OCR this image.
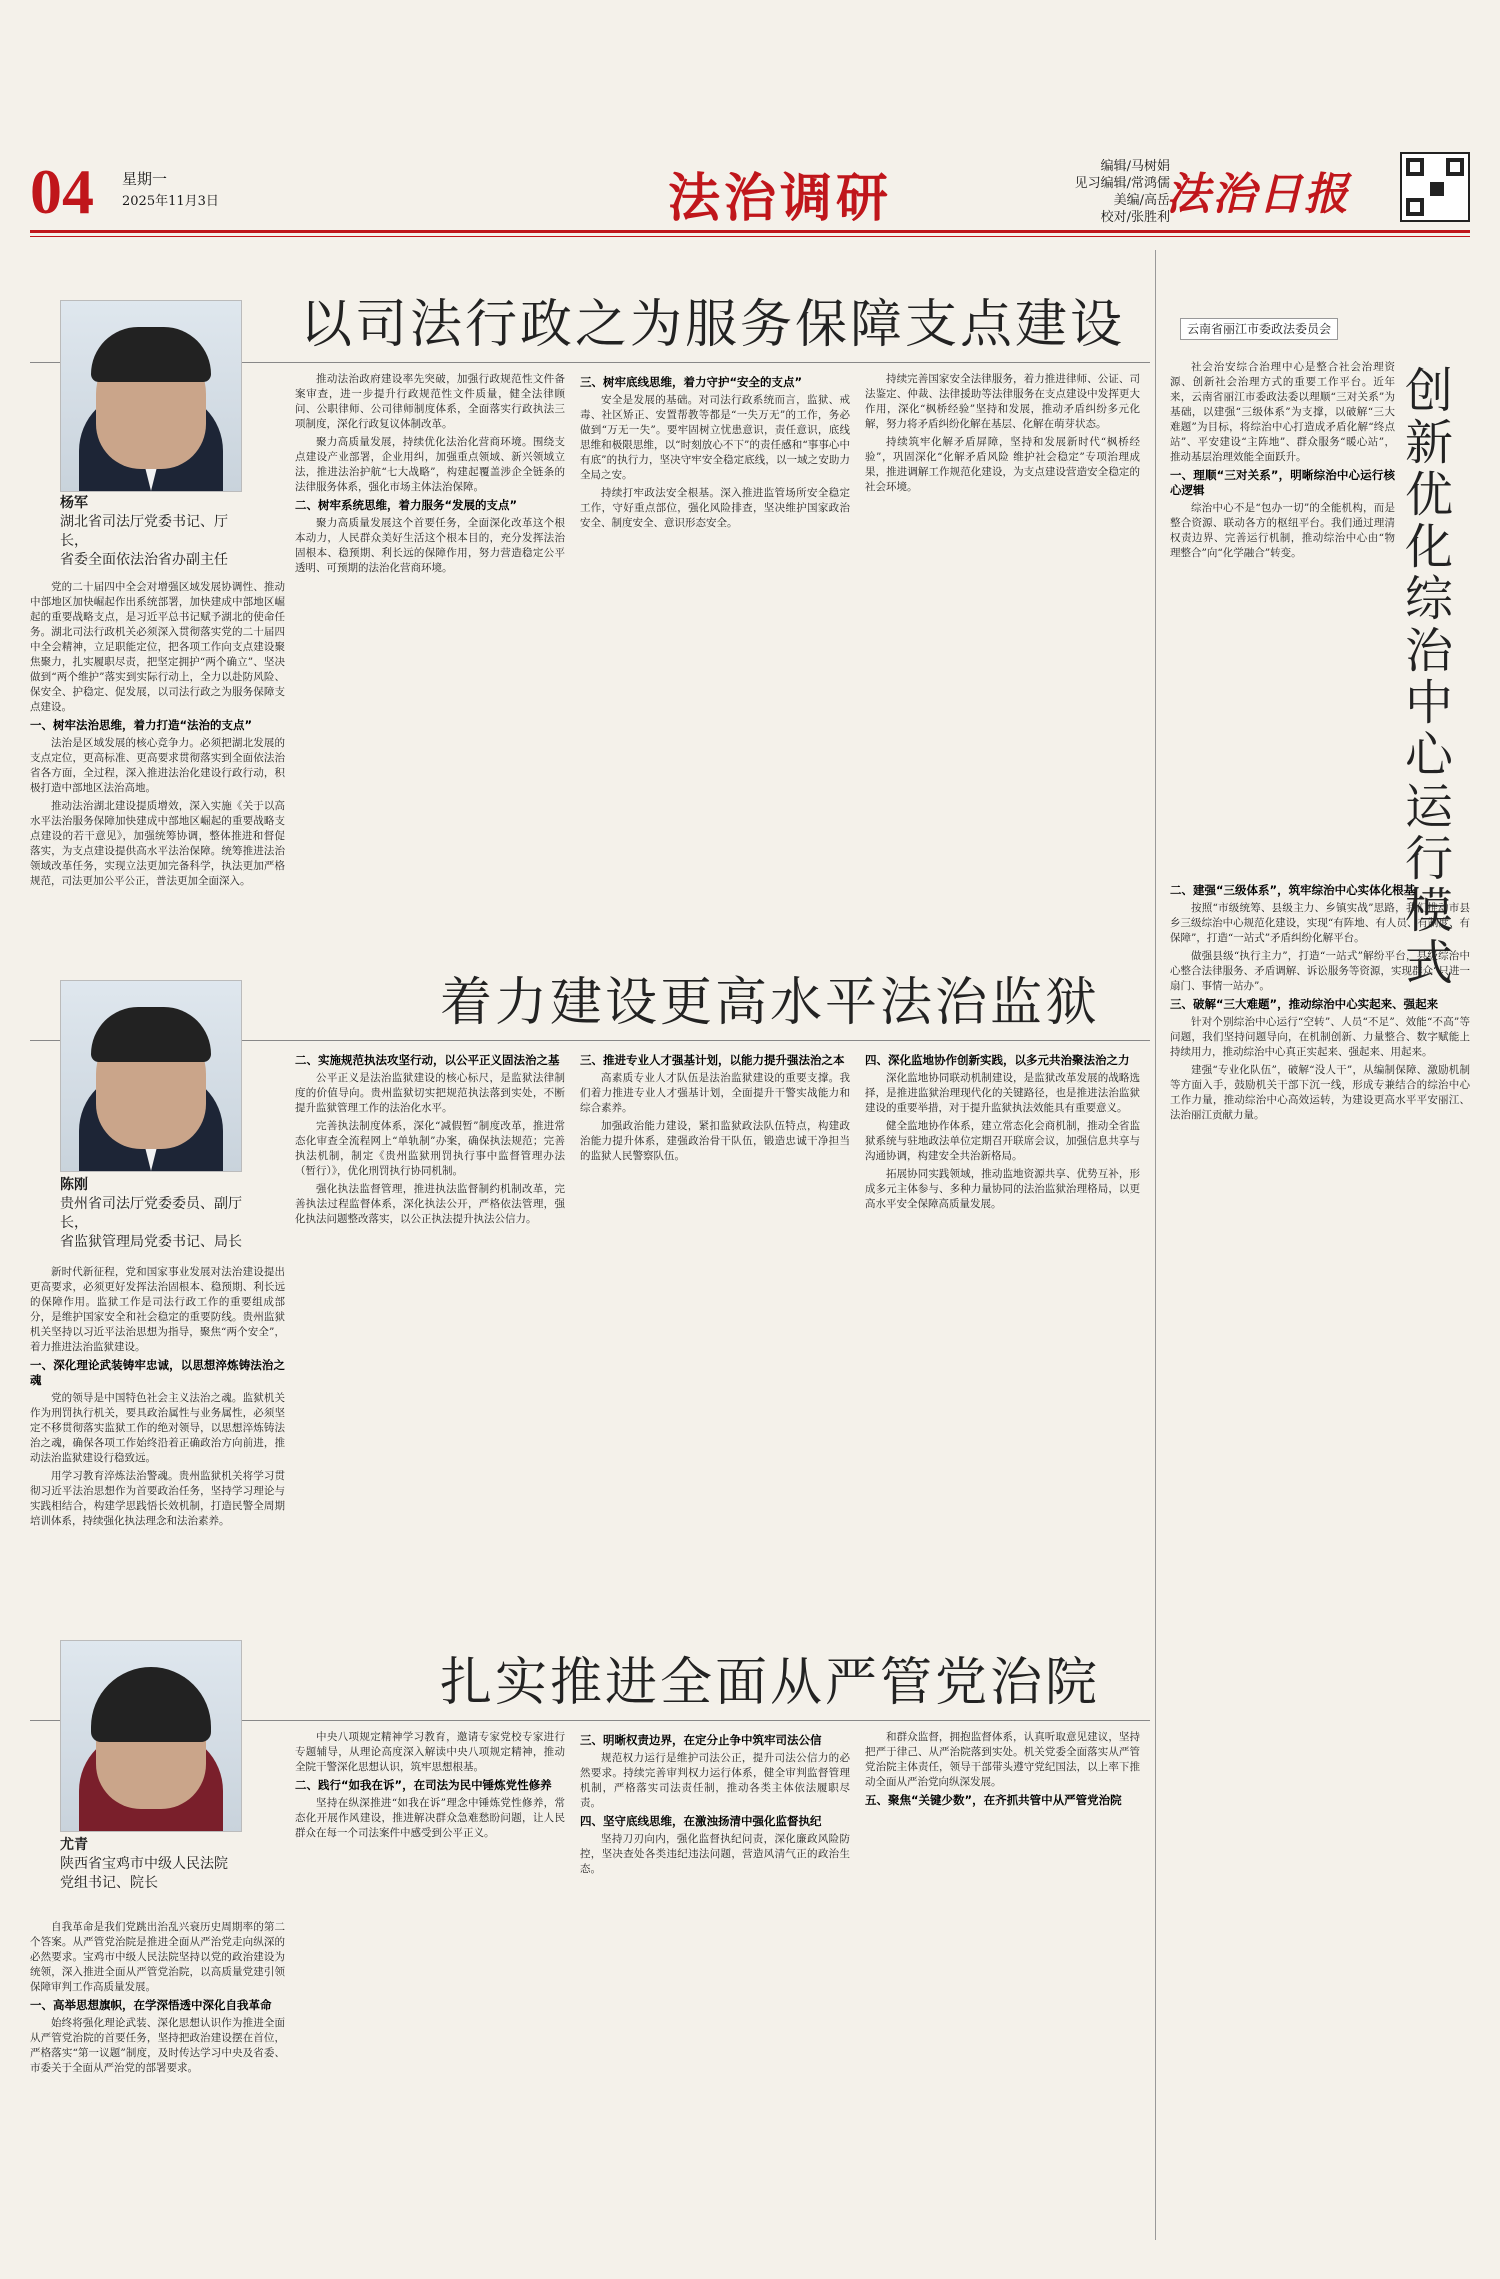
04 星期一
2025年11月3日	法治调研
编辑/马树娟
见习编辑/常鸿儒
美编/高岳
校对/张胜利
法治日报
以司法行政之为服务保障支点建设
杨军
湖北省司法厅党委书记、厅长，
省委全面依法治省办副主任

党的二十届四中全会对增强区域发展协调性、推动中部地区加快崛起作出系统部署，加快建成中部地区崛起的重要战略支点，是习近平总书记赋予湖北的使命任务。湖北司法行政机关必须深入贯彻落实党的二十届四中全会精神，立足职能定位，把各项工作向支点建设聚焦聚力，扎实履职尽责，把坚定拥护“两个确立”、坚决做到“两个维护”落实到实际行动上，全力以赴防风险、保安全、护稳定、促发展，以司法行政之为服务保障支点建设。

一、树牢法治思维，着力打造“法治的支点”

法治是区域发展的核心竞争力。必须把湖北发展的支点定位，更高标准、更高要求贯彻落实到全面依法治省各方面，全过程，深入推进法治化建设行政行动，积极打造中部地区法治高地。

推动法治湖北建设提质增效，深入实施《关于以高水平法治服务保障加快建成中部地区崛起的重要战略支点建设的若干意见》，加强统筹协调，整体推进和督促落实，为支点建设提供高水平法治保障。统筹推进法治领域改革任务，实现立法更加完备科学，执法更加严格规范，司法更加公平公正，普法更加全面深入。

推动法治政府建设率先突破，加强行政规范性文件备案审查，进一步提升行政规范性文件质量，健全法律顾问、公职律师、公司律师制度体系，全面落实行政执法三项制度，深化行政复议体制改革。

聚力高质量发展，持续优化法治化营商环境。围绕支点建设产业部署，企业用纠，加强重点领域、新兴领域立法，推进法治护航“七大战略”，构建起覆盖涉企全链条的法律服务体系，强化市场主体法治保障。

二、树牢系统思维，着力服务“发展的支点”

聚力高质量发展这个首要任务，全面深化改革这个根本动力，人民群众美好生活这个根本目的，充分发挥法治固根本、稳预期、利长远的保障作用，努力营造稳定公平透明、可预期的法治化营商环境。

三、树牢底线思维，着力守护“安全的支点”

安全是发展的基础。对司法行政系统而言，监狱、戒毒、社区矫正、安置帮教等都是“一失万无”的工作，务必做到“万无一失”。要牢固树立忧患意识，责任意识，底线思维和极限思维，以“时刻放心不下”的责任感和“事事心中有底”的执行力，坚决守牢安全稳定底线，以一域之安助力全局之安。

持续打牢政法安全根基。深入推进监管场所安全稳定工作，守好重点部位，强化风险排查，坚决维护国家政治安全、制度安全、意识形态安全。

持续完善国家安全法律服务，着力推进律师、公证、司法鉴定、仲裁、法律援助等法律服务在支点建设中发挥更大作用，深化“枫桥经验”坚持和发展，推动矛盾纠纷多元化解，努力将矛盾纠纷化解在基层、化解在萌芽状态。

持续筑牢化解矛盾屏障，坚持和发展新时代“枫桥经验”，巩固深化“化解矛盾风险 维护社会稳定”专项治理成果，推进调解工作规范化建设，为支点建设营造安全稳定的社会环境。

着力建设更高水平法治监狱
陈刚
贵州省司法厅党委委员、副厅长，
省监狱管理局党委书记、局长

新时代新征程，党和国家事业发展对法治建设提出更高要求，必须更好发挥法治固根本、稳预期、利长远的保障作用。监狱工作是司法行政工作的重要组成部分，是维护国家安全和社会稳定的重要防线。贵州监狱机关坚持以习近平法治思想为指导，聚焦“两个安全”，着力推进法治监狱建设。

一、深化理论武装铸牢忠诚，以思想淬炼铸法治之魂

党的领导是中国特色社会主义法治之魂。监狱机关作为刑罚执行机关，要具政治属性与业务属性，必须坚定不移贯彻落实监狱工作的绝对领导，以思想淬炼铸法治之魂，确保各项工作始终沿着正确政治方向前进，推动法治监狱建设行稳致远。

用学习教育淬炼法治警魂。贵州监狱机关将学习贯彻习近平法治思想作为首要政治任务，坚持学习理论与实践相结合，构建学思践悟长效机制，打造民警全周期培训体系，持续强化执法理念和法治素养。

二、实施规范执法攻坚行动，以公平正义固法治之基

公平正义是法治监狱建设的核心标尺，是监狱法律制度的价值导向。贵州监狱切实把规范执法落到实处，不断提升监狱管理工作的法治化水平。

完善执法制度体系，深化“减假暂”制度改革，推进常态化审查全流程网上“单轨制”办案，确保执法规范；完善执法机制，制定《贵州监狱刑罚执行事中监督管理办法（暂行）》，优化刑罚执行协同机制。

强化执法监督管理，推进执法监督制约机制改革，完善执法过程监督体系，深化执法公开，严格依法管理，强化执法问题整改落实，以公正执法提升执法公信力。

三、推进专业人才强基计划，以能力提升强法治之本

高素质专业人才队伍是法治监狱建设的重要支撑。我们着力推进专业人才强基计划，全面提升干警实战能力和综合素养。

加强政治能力建设，紧扣监狱政法队伍特点，构建政治能力提升体系，建强政治骨干队伍，锻造忠诚干净担当的监狱人民警察队伍。

四、深化监地协作创新实践，以多元共治聚法治之力

深化监地协同联动机制建设，是监狱改革发展的战略选择，是推进监狱治理现代化的关键路径，也是推进法治监狱建设的重要举措，对于提升监狱执法效能具有重要意义。

健全监地协作体系，建立常态化会商机制，推动全省监狱系统与驻地政法单位定期召开联席会议，加强信息共享与沟通协调，构建安全共治新格局。

拓展协同实践领域，推动监地资源共享、优势互补，形成多元主体参与、多种力量协同的法治监狱治理格局，以更高水平安全保障高质量发展。

扎实推进全面从严管党治院
尤青
陕西省宝鸡市中级人民法院
党组书记、院长

自我革命是我们党跳出治乱兴衰历史周期率的第二个答案。从严管党治院是推进全面从严治党走向纵深的必然要求。宝鸡市中级人民法院坚持以党的政治建设为统领，深入推进全面从严管党治院，以高质量党建引领保障审判工作高质量发展。

一、高举思想旗帜，在学深悟透中深化自我革命

始终将强化理论武装、深化思想认识作为推进全面从严管党治院的首要任务，坚持把政治建设摆在首位，严格落实“第一议题”制度，及时传达学习中央及省委、市委关于全面从严治党的部署要求。

中央八项规定精神学习教育，邀请专家党校专家进行专题辅导，从理论高度深入解读中央八项规定精神，推动全院干警深化思想认识，筑牢思想根基。

二、践行“如我在诉”，在司法为民中锤炼党性修养

坚持在纵深推进“如我在诉”理念中锤炼党性修养，常态化开展作风建设，推进解决群众急难愁盼问题，让人民群众在每一个司法案件中感受到公平正义。

三、明晰权责边界，在定分止争中筑牢司法公信

规范权力运行是维护司法公正，提升司法公信力的必然要求。持续完善审判权力运行体系，健全审判监督管理机制，严格落实司法责任制，推动各类主体依法履职尽责。

四、坚守底线思维，在激浊扬清中强化监督执纪

坚持刀刃向内，强化监督执纪问责，深化廉政风险防控，坚决查处各类违纪违法问题，营造风清气正的政治生态。

和群众监督，拥抱监督体系，认真听取意见建议，坚持把严于律己、从严治院落到实处。机关党委全面落实从严管党治院主体责任，领导干部带头遵守党纪国法，以上率下推动全面从严治党向纵深发展。

五、聚焦“关键少数”，在齐抓共管中从严管党治院
云南省丽江市委政法委员会
创新优化综治中心运行模式

社会治安综合治理中心是整合社会治理资源、创新社会治理方式的重要工作平台。近年来，云南省丽江市委政法委以理顺“三对关系”为基础，以建强“三级体系”为支撑，以破解“三大难题”为目标，将综治中心打造成矛盾化解“终点站”、平安建设“主阵地”、群众服务“暖心站”，推动基层治理效能全面跃升。

一、理顺“三对关系”，明晰综治中心运行核心逻辑

综治中心不是“包办一切”的全能机构，而是整合资源、联动各方的枢纽平台。我们通过理清权责边界、完善运行机制，推动综治中心由“物理整合”向“化学融合”转变。

二、建强“三级体系”，筑牢综治中心实体化根基

按照“市级统筹、县级主力、乡镇实战”思路，我们推动市县乡三级综治中心规范化建设，实现“有阵地、有人员、有制度、有保障”，打造“一站式”矛盾纠纷化解平台。

做强县级“执行主力”，打造“一站式”解纷平台，县级综治中心整合法律服务、矛盾调解、诉讼服务等资源，实现群众“只进一扇门、事情一站办”。

三、破解“三大难题”，推动综治中心实起来、强起来

针对个别综治中心运行“空转”、人员“不足”、效能“不高”等问题，我们坚持问题导向，在机制创新、力量整合、数字赋能上持续用力，推动综治中心真正实起来、强起来、用起来。

建强“专业化队伍”，破解“没人干”，从编制保障、激励机制等方面入手，鼓励机关干部下沉一线，形成专兼结合的综治中心工作力量，推动综治中心高效运转，为建设更高水平平安丽江、法治丽江贡献力量。
